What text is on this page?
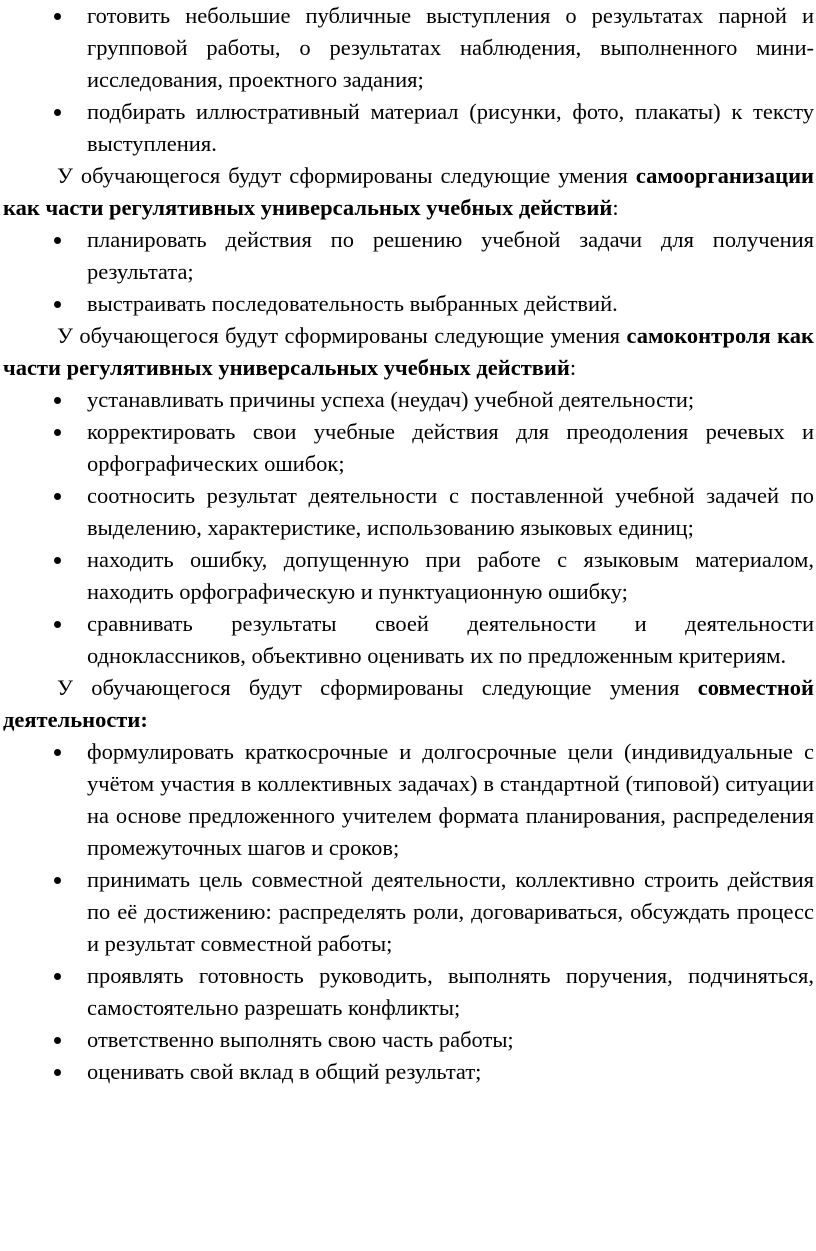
готовить небольшие публичные выступления о результатах парной и групповой работы, о результатах наблюдения, выполненного мини-исследования, проектного задания;
подбирать иллюстративный материал (рисунки, фото, плакаты) к тексту выступления.

У обучающегося будут сформированы следующие умения самоорганизации как части регулятивных универсальных учебных действий:

планировать действия по решению учебной задачи для получения результата;
выстраивать последовательность выбранных действий.

У обучающегося будут сформированы следующие умения самоконтроля как части регулятивных универсальных учебных действий:

устанавливать причины успеха (неудач) учебной деятельности;
корректировать свои учебные действия для преодоления речевых и орфографических ошибок;
соотносить результат деятельности с поставленной учебной задачей по выделению, характеристике, использованию языковых единиц;
находить ошибку, допущенную при работе с языковым материалом, находить орфографическую и пунктуационную ошибку;
сравнивать результаты своей деятельности и деятельности одноклассников, объективно оценивать их по предложенным критериям.

У обучающегося будут сформированы следующие умения совместной деятельности:

формулировать краткосрочные и долгосрочные цели (индивидуальные с учётом участия в коллективных задачах) в стандартной (типовой) ситуации на основе предложенного учителем формата планирования, распределения промежуточных шагов и сроков;
принимать цель совместной деятельности, коллективно строить действия по её достижению: распределять роли, договариваться, обсуждать процесс и результат совместной работы;
проявлять готовность руководить, выполнять поручения, подчиняться, самостоятельно разрешать конфликты;
ответственно выполнять свою часть работы;
оценивать свой вклад в общий результат;
